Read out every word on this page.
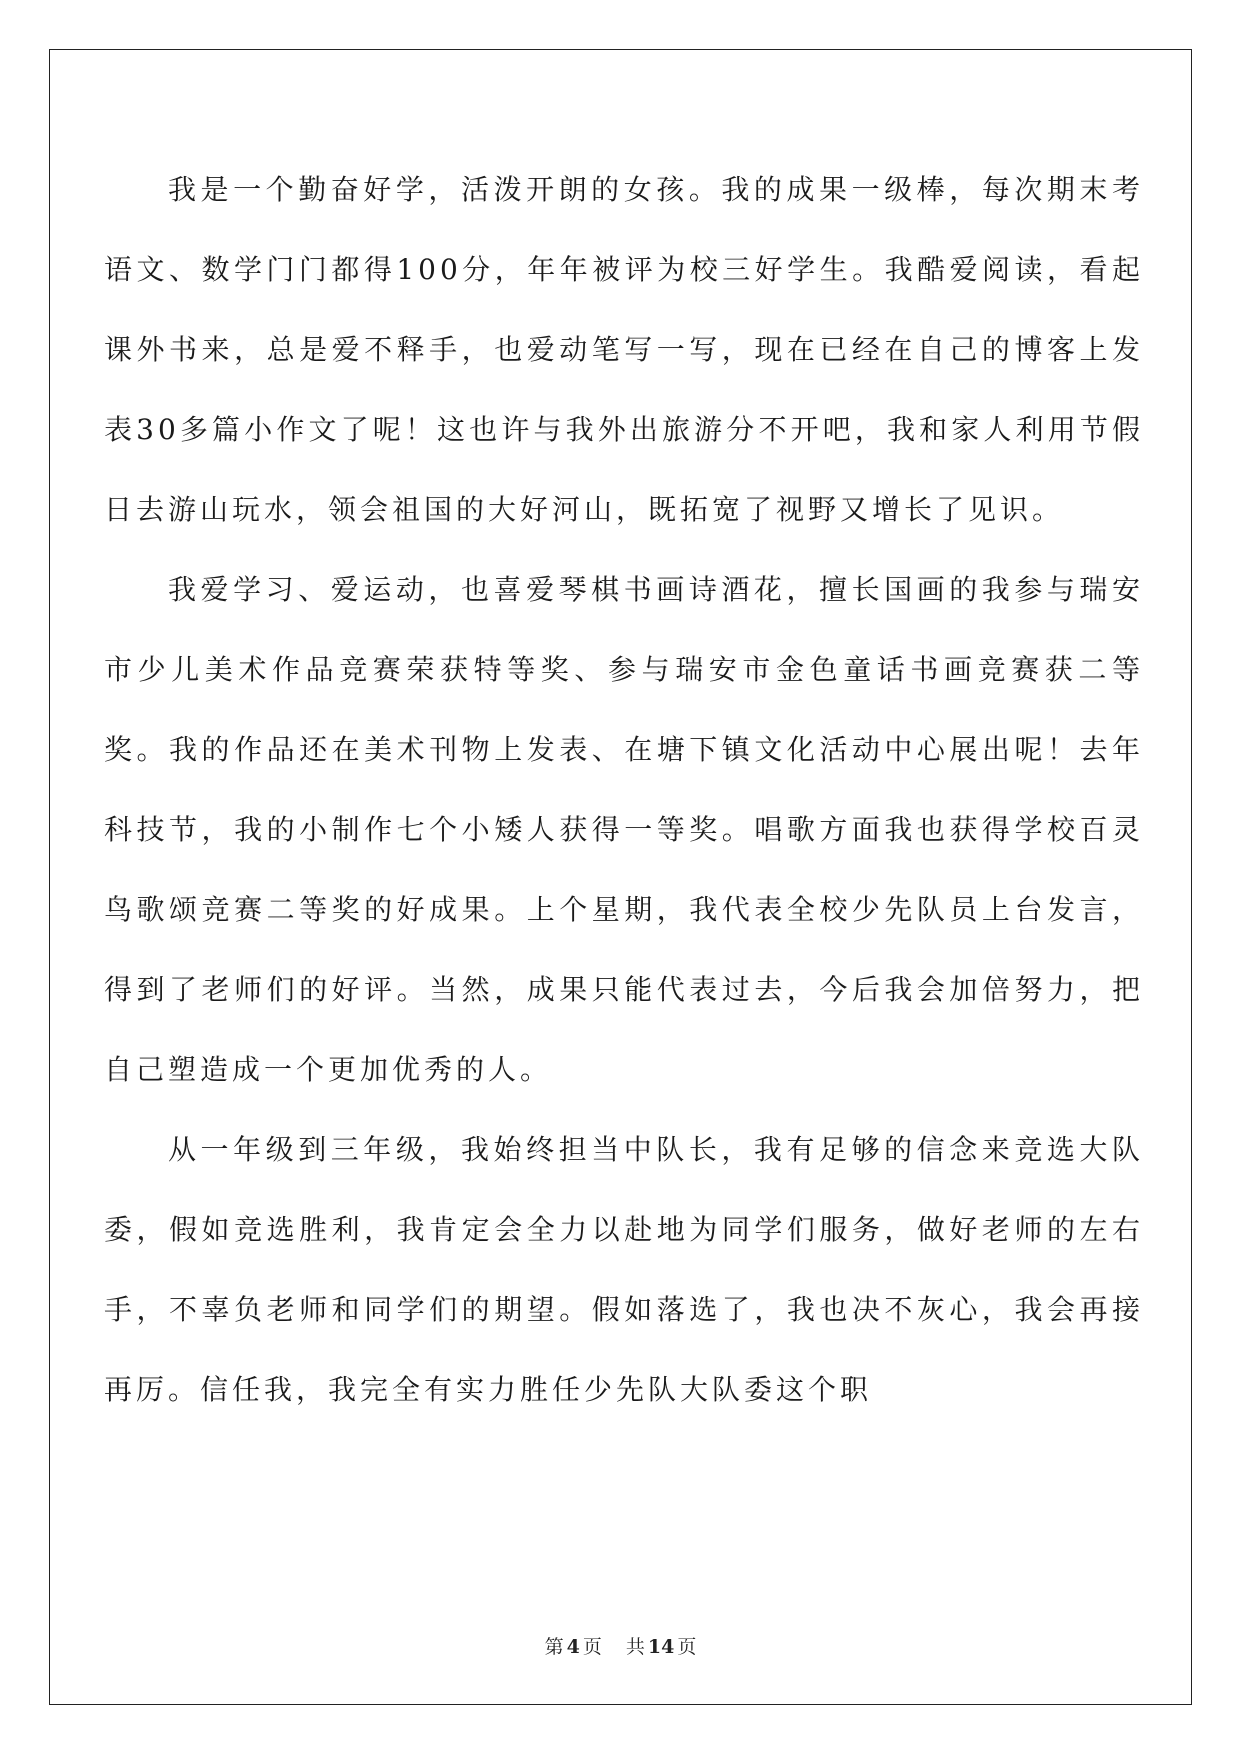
我是一个勤奋好学，活泼开朗的女孩。我的成果一级棒，每次期末考语文、数学门门都得100分，年年被评为校三好学生。我酷爱阅读，看起课外书来，总是爱不释手，也爱动笔写一写，现在已经在自己的博客上发表30多篇小作文了呢！这也许与我外出旅游分不开吧，我和家人利用节假日去游山玩水，领会祖国的大好河山，既拓宽了视野又增长了见识。

我爱学习、爱运动，也喜爱琴棋书画诗酒花，擅长国画的我参与瑞安市少儿美术作品竞赛荣获特等奖、参与瑞安市金色童话书画竞赛获二等奖。我的作品还在美术刊物上发表、在塘下镇文化活动中心展出呢！去年科技节，我的小制作七个小矮人获得一等奖。唱歌方面我也获得学校百灵鸟歌颂竞赛二等奖的好成果。上个星期，我代表全校少先队员上台发言，得到了老师们的好评。当然，成果只能代表过去，今后我会加倍努力，把自己塑造成一个更加优秀的人。

从一年级到三年级，我始终担当中队长，我有足够的信念来竞选大队委，假如竞选胜利，我肯定会全力以赴地为同学们服务，做好老师的左右手，不辜负老师和同学们的期望。假如落选了，我也决不灰心，我会再接再厉。信任我，我完全有实力胜任少先队大队委这个职

第 4 页 共 14 页
